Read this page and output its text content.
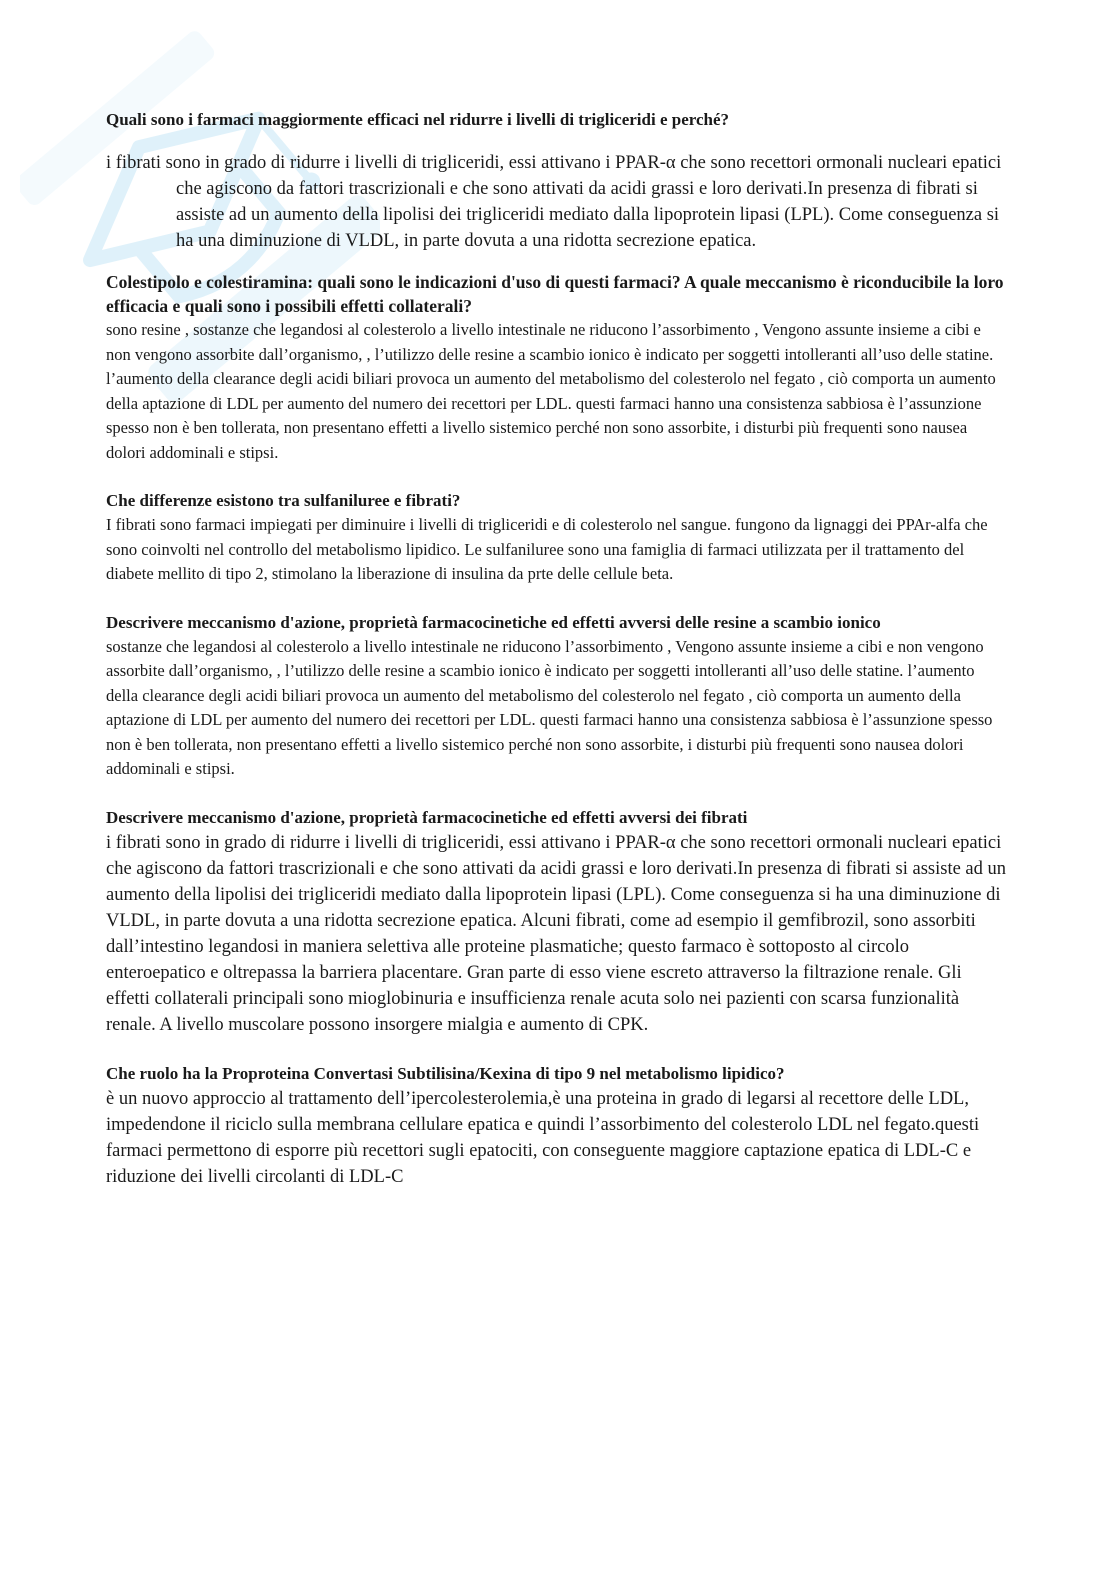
Quali sono i farmaci maggiormente efficaci nel ridurre i livelli di trigliceridi e perché?

i fibrati sono in grado di ridurre i livelli di trigliceridi, essi attivano i PPAR-α che sono recettori ormonali nucleari epatici che agiscono da fattori trascrizionali e che sono attivati da acidi grassi e loro derivati.In presenza di fibrati si assiste ad un aumento della lipolisi dei trigliceridi mediato dalla lipoprotein lipasi (LPL). Come conseguenza si ha una diminuzione di VLDL, in parte dovuta a una ridotta secrezione epatica.

Colestipolo e colestiramina: quali sono le indicazioni d'uso di questi farmaci? A quale meccanismo è riconducibile la loro efficacia e quali sono i possibili effetti collaterali?

sono resine , sostanze che legandosi al colesterolo a livello intestinale ne riducono l’assorbimento , Vengono assunte insieme a cibi e non vengono assorbite dall’organismo, , l’utilizzo delle resine a scambio ionico è indicato per soggetti intolleranti all’uso delle statine. l’aumento della clearance degli acidi biliari provoca un aumento del metabolismo del colesterolo nel fegato , ciò comporta un aumento della aptazione di LDL per aumento del numero dei recettori per LDL. questi farmaci hanno una consistenza sabbiosa è l’assunzione spesso non è ben tollerata, non presentano effetti a livello sistemico perché non sono assorbite, i disturbi più frequenti sono nausea dolori addominali e stipsi.

Che differenze esistono tra sulfaniluree e fibrati?

I fibrati sono farmaci impiegati per diminuire i livelli di trigliceridi e di colesterolo nel sangue. fungono da lignaggi dei PPAr-alfa che sono coinvolti nel controllo del metabolismo lipidico. Le sulfaniluree sono una famiglia di farmaci utilizzata per il trattamento del diabete mellito di tipo 2, stimolano la liberazione di insulina da prte delle cellule beta.

Descrivere meccanismo d'azione, proprietà farmacocinetiche ed effetti avversi delle resine a scambio ionico

sostanze che legandosi al colesterolo a livello intestinale ne riducono l’assorbimento , Vengono assunte insieme a cibi e non vengono assorbite dall’organismo, , l’utilizzo delle resine a scambio ionico è indicato per soggetti intolleranti all’uso delle statine. l’aumento della clearance degli acidi biliari provoca un aumento del metabolismo del colesterolo nel fegato , ciò comporta un aumento della aptazione di LDL per aumento del numero dei recettori per LDL. questi farmaci hanno una consistenza sabbiosa è l’assunzione spesso non è ben tollerata, non presentano effetti a livello sistemico perché non sono assorbite, i disturbi più frequenti sono nausea dolori addominali e stipsi.

Descrivere meccanismo d'azione, proprietà farmacocinetiche ed effetti avversi dei fibrati

i fibrati sono in grado di ridurre i livelli di trigliceridi, essi attivano i PPAR-α che sono recettori ormonali nucleari epatici che agiscono da fattori trascrizionali e che sono attivati da acidi grassi e loro derivati.In presenza di fibrati si assiste ad un aumento della lipolisi dei trigliceridi mediato dalla lipoprotein lipasi (LPL). Come conseguenza si ha una diminuzione di VLDL, in parte dovuta a una ridotta secrezione epatica. Alcuni fibrati, come ad esempio il gemfibrozil, sono assorbiti dall’intestino legandosi in maniera selettiva alle proteine plasmatiche; questo farmaco è sottoposto al circolo enteroepatico e oltrepassa la barriera placentare. Gran parte di esso viene escreto attraverso la filtrazione renale. Gli effetti collaterali principali sono mioglobinuria e insufficienza renale acuta solo nei pazienti con scarsa funzionalità renale. A livello muscolare possono insorgere mialgia e aumento di CPK.

Che ruolo ha la Proproteina Convertasi Subtilisina/Kexina di tipo 9 nel metabolismo lipidico?

è un nuovo approccio al trattamento dell’ipercolesterolemia,è una proteina in grado di legarsi al recettore delle LDL, impedendone il riciclo sulla membrana cellulare epatica e quindi l’assorbimento del colesterolo LDL nel fegato.questi farmaci permettono di esporre più recettori sugli epatociti, con conseguente maggiore captazione epatica di LDL-C e riduzione dei livelli circolanti di LDL-C
